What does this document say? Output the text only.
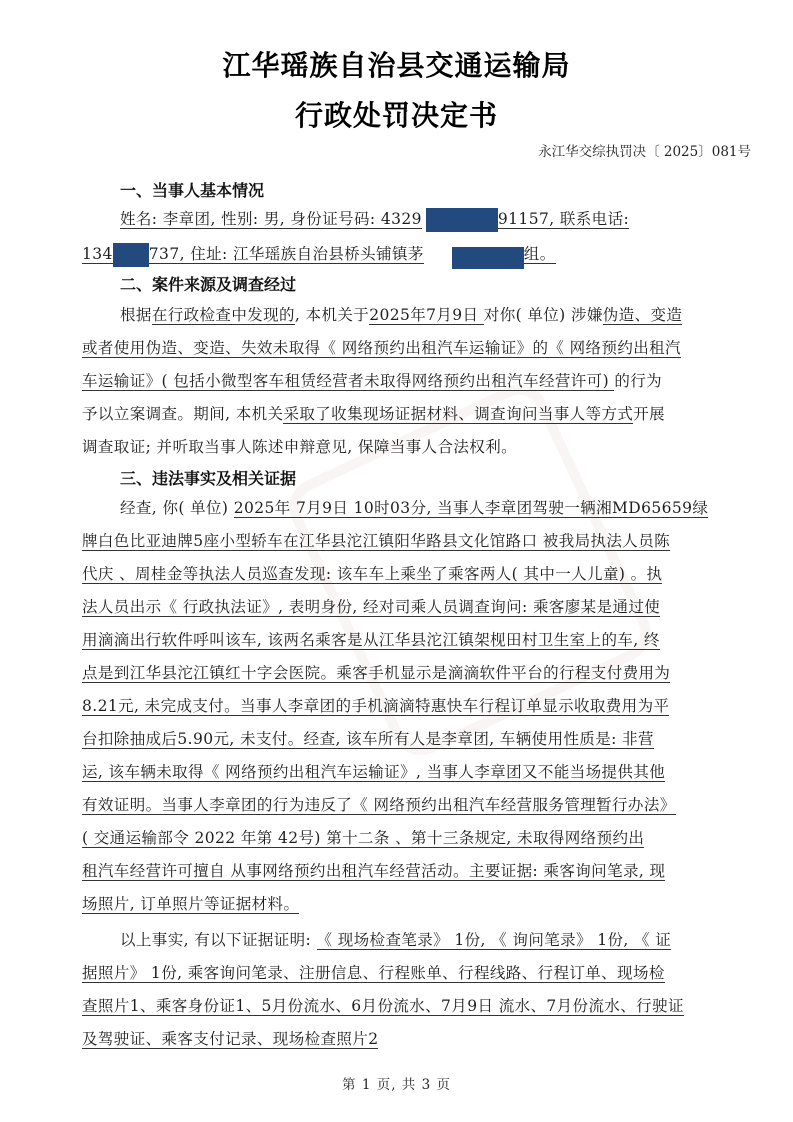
江华瑶族自治县交通运输局
行政处罚决定书
永江华交综执罚决〔 2025〕081号
一、当事人基本情况
姓名: 李章团, 性别: 男, 身份证号码: 4329	91157, 联系电话:
134 737, 住址: 江华瑶族自治县桥头铺镇茅	组。
二、案件来源及调查经过
根据在行政检查中发现的, 本机关于2025年7月9日 对你( 单位) 涉嫌伪造、变造
或者使用伪造、变造、失效未取得《 网络预约出租汽车运输证》的《 网络预约出租汽
车运输证》( 包括小微型客车租赁经营者未取得网络预约出租汽车经营许可) 的行为
予以立案调查。期间, 本机关采取了收集现场证据材料、调查询问当事人等方式开展
调查取证; 并听取当事人陈述申辩意见, 保障当事人合法权利。
三、违法事实及相关证据
经查, 你( 单位) 2025年 7月9日 10时03分, 当事人李章团驾驶一辆湘MD65659绿
牌白色比亚迪牌5座小型轿车在江华县沱江镇阳华路县文化馆路口 被我局执法人员陈
代庆 、周桂金等执法人员巡查发现: 该车车上乘坐了乘客两人( 其中一人儿童) 。执
法人员出示《 行政执法证》, 表明身份, 经对司乘人员调查询问: 乘客廖某是通过使
用滴滴出行软件呼叫该车, 该两名乘客是从江华县沱江镇架枧田村卫生室上的车, 终
点是到江华县沱江镇红十字会医院。乘客手机显示是滴滴软件平台的行程支付费用为
8.21元, 未完成支付。当事人李章团的手机滴滴特惠快车行程订单显示收取费用为平
台扣除抽成后5.90元, 未支付。经查, 该车所有人是李章团, 车辆使用性质是: 非营
运, 该车辆未取得《 网络预约出租汽车运输证》, 当事人李章团又不能当场提供其他
有效证明。当事人李章团的行为违反了《 网络预约出租汽车经营服务管理暂行办法》
( 交通运输部令 2022 年第 42号) 第十二条 、第十三条规定, 未取得网络预约出
租汽车经营许可擅自 从事网络预约出租汽车经营活动。主要证据: 乘客询问笔录, 现
场照片, 订单照片等证据材料。
以上事实, 有以下证据证明: 《 现场检查笔录》 1份, 《 询问笔录》 1份, 《 证
据照片》 1份, 乘客询问笔录、注册信息、行程账单、行程线路、行程订单、现场检
查照片1、乘客身份证1、5月份流水、6月份流水、7月9日 流水、7月份流水、行驶证
及驾驶证、乘客支付记录、现场检查照片2
第 1 页, 共 3 页
